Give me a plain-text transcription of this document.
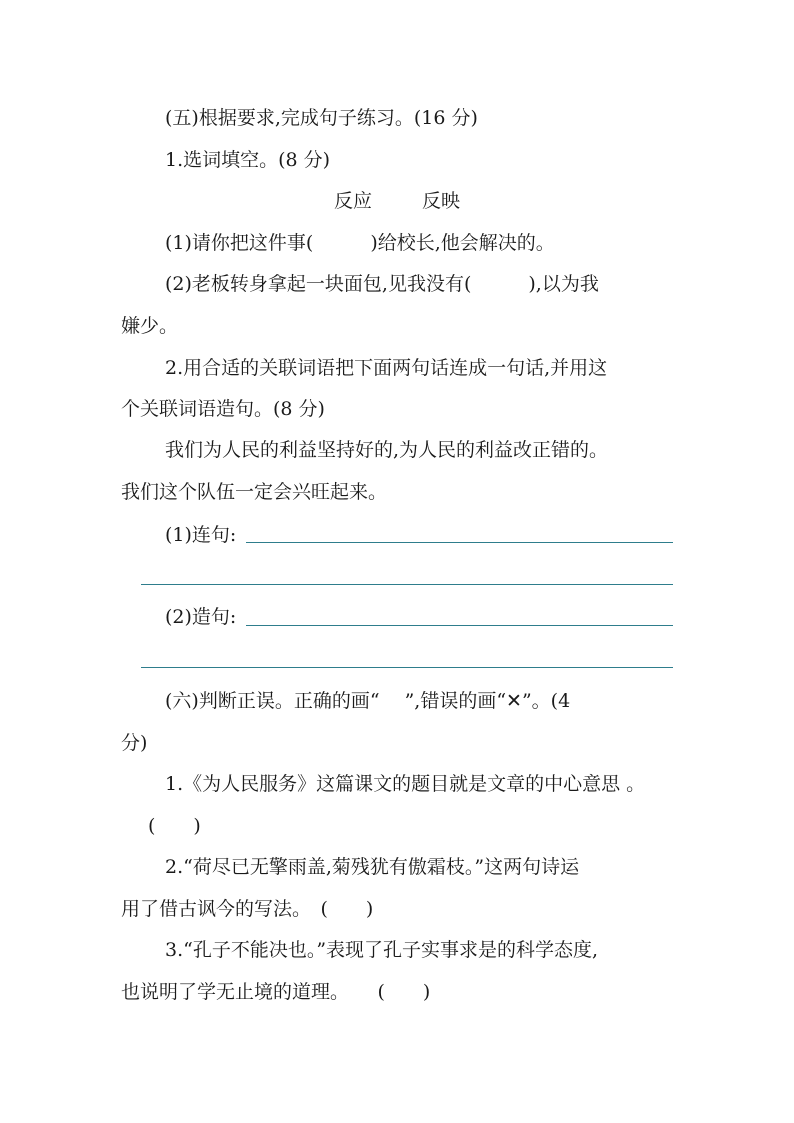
(五)根据要求,完成句子练习。(16 分)
1.选词填空。(8 分)
反应	反映
(1)请你把这件事(　　　)给校长,他会解决的。
(2)老板转身拿起一块面包,见我没有(　　　),以为我
嫌少。
2.用合适的关联词语把下面两句话连成一句话,并用这
个关联词语造句。(8 分)
我们为人民的利益坚持好的,为人民的利益改正错的。
我们这个队伍一定会兴旺起来。
(1)连句:
(2)造句:
(六)判断正误。正确的画“　 ”,错误的画“✕”。(4
分)
1.《为人民服务》这篇课文的题目就是文章的中心意思 。
(　　)
2.“荷尽已无擎雨盖,菊残犹有傲霜枝。”这两句诗运
用了借古讽今的写法。　(　　)
3.“孔子不能决也。”表现了孔子实事求是的科学态度,
也说明了学无止境的道理。　　(　　)
